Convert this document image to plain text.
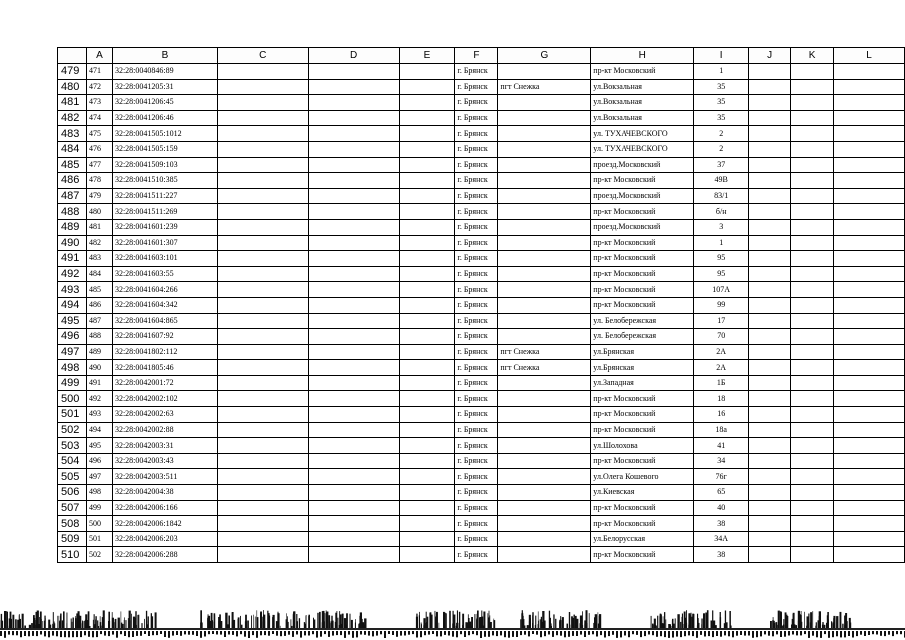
	A	B	C	D	E	F	G	H	I	J	K	L
479	471	32:28:0040846:89				г. Брянск		пр-кт Московский	1			
480	472	32:28:0041205:31				г. Брянск	пгт Снежка	ул.Вокзальная	35			
481	473	32:28:0041206:45				г. Брянск		ул.Вокзальная	35			
482	474	32:28:0041206:46				г. Брянск		ул.Вокзальная	35			
483	475	32:28:0041505:1012				г. Брянск		ул. ТУХАЧЕВСКОГО	2			
484	476	32:28:0041505:159				г. Брянск		ул. ТУХАЧЕВСКОГО	2			
485	477	32:28:0041509:103				г. Брянск		проезд.Московский	37			
486	478	32:28:0041510:385				г. Брянск		пр-кт Московский	49В			
487	479	32:28:0041511:227				г. Брянск		проезд.Московский	83/1			
488	480	32:28:0041511:269				г. Брянск		пр-кт Московский	б/н			
489	481	32:28:0041601:239				г. Брянск		проезд.Московский	3			
490	482	32:28:0041601:307				г. Брянск		пр-кт Московский	1			
491	483	32:28:0041603:101				г. Брянск		пр-кт Московский	95			
492	484	32:28:0041603:55				г. Брянск		пр-кт Московский	95			
493	485	32:28:0041604:266				г. Брянск		пр-кт Московский	107А			
494	486	32:28:0041604:342				г. Брянск		пр-кт Московский	99			
495	487	32:28:0041604:865				г. Брянск		ул. Белобережская	17			
496	488	32:28:0041607:92				г. Брянск		ул. Белобережская	70			
497	489	32:28:0041802:112				г. Брянск	пгт Снежка	ул.Брянская	2А			
498	490	32:28:0041805:46				г. Брянск	пгт Снежка	ул.Брянская	2А			
499	491	32:28:0042001:72				г. Брянск		ул.Западная	1Б			
500	492	32:28:0042002:102				г. Брянск		пр-кт Московский	18			
501	493	32:28:0042002:63				г. Брянск		пр-кт Московский	16			
502	494	32:28:0042002:88				г. Брянск		пр-кт Московский	18а			
503	495	32:28:0042003:31				г. Брянск		ул.Шолохова	41			
504	496	32:28:0042003:43				г. Брянск		пр-кт Московский	34			
505	497	32:28:0042003:511				г. Брянск		ул.Олега Кошевого	76г			
506	498	32:28:0042004:38				г. Брянск		ул.Киевская	65			
507	499	32:28:0042006:166				г. Брянск		пр-кт Московский	40			
508	500	32:28:0042006:1842				г. Брянск		пр-кт Московский	38			
509	501	32:28:0042006:203				г. Брянск		ул.Белорусская	34А			
510	502	32:28:0042006:288				г. Брянск		пр-кт Московский	38			
